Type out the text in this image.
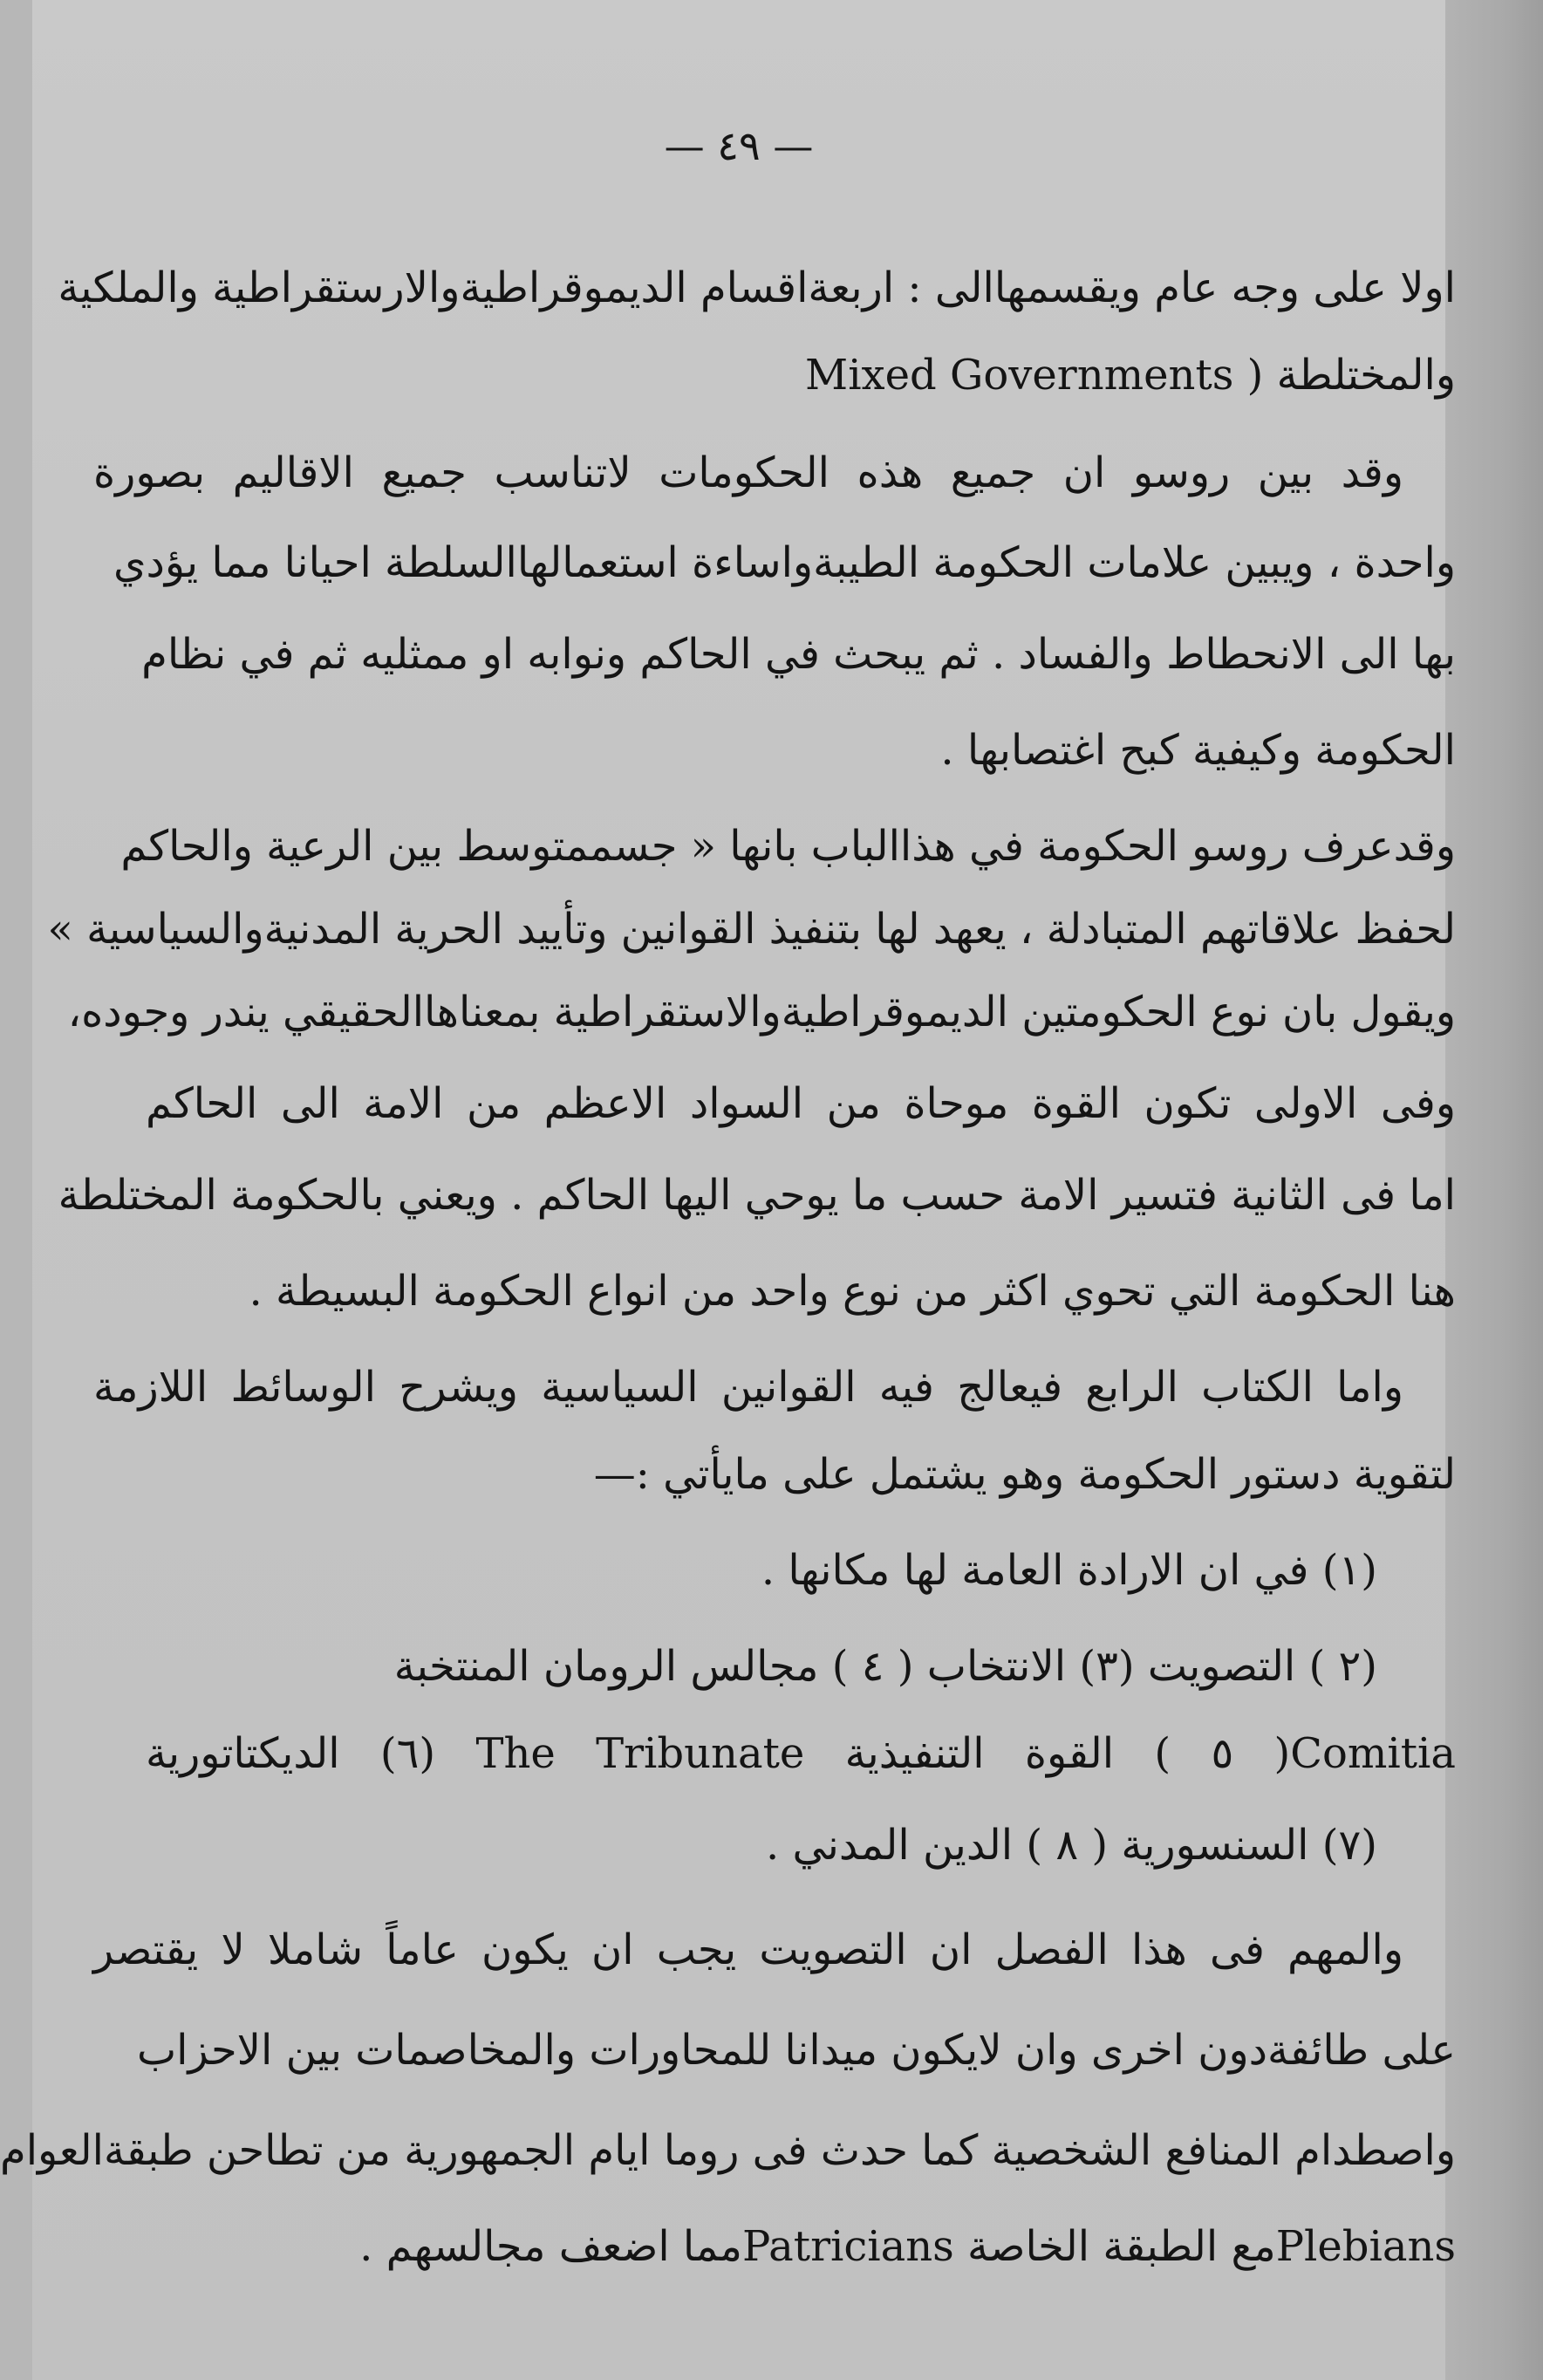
— ٤٩ —
اولا على وجه عام ويقسمهاالى : اربعةاقسام الديموقراطيةوالارستقراطية والملكية
والمختلطة ( Mixed Governments
وقد بين روسو ان جميع هذه الحكومات لاتناسب جميع الاقاليم بصورة
واحدة ، ويبين علامات الحكومة الطيبةواساءة استعمالهاالسلطة احيانا مما يؤدي
بها الى الانحطاط والفساد . ثم يبحث في الحاكم ونوابه او ممثليه ثم في نظام
الحكومة وكيفية كبح اغتصابها .
وقدعرف روسو الحكومة في هذاالباب بانها « جسممتوسط بين الرعية والحاكم
لحفظ علاقاتهم المتبادلة ، يعهد لها بتنفيذ القوانين وتأييد الحرية المدنيةوالسياسية »
ويقول بان نوع الحكومتين الديموقراطيةوالاستقراطية بمعناهاالحقيقي يندر وجوده،
وفى الاولى تكون القوة موحاة من السواد الاعظم من الامة الى الحاكم
اما فى الثانية فتسير الامة حسب ما يوحي اليها الحاكم . ويعني بالحكومة المختلطة
هنا الحكومة التي تحوي اكثر من نوع واحد من انواع الحكومة البسيطة .
واما الكتاب الرابع فيعالج فيه القوانين السياسية ويشرح الوسائط اللازمة
لتقوية دستور الحكومة وهو يشتمل على مايأتي :—
(١) في ان الارادة العامة لها مكانها .
(٢ ) التصويت (٣) الانتخاب ( ٤ ) مجالس الرومان المنتخبة
Comitia( ٥ ) القوة التنفيذية The Tribunate (٦) الديكتاتورية
(٧) السنسورية ( ٨ ) الدين المدني .
والمهم فى هذا الفصل ان التصويت يجب ان يكون عاماً شاملا لا يقتصر
على طائفةدون اخرى وان لايكون ميدانا للمحاورات والمخاصمات بين الاحزاب
واصطدام المنافع الشخصية كما حدث فى روما ايام الجمهورية من تطاحن طبقةالعوام
Plebiansمع الطبقة الخاصة Patriciansمما اضعف مجالسهم .
